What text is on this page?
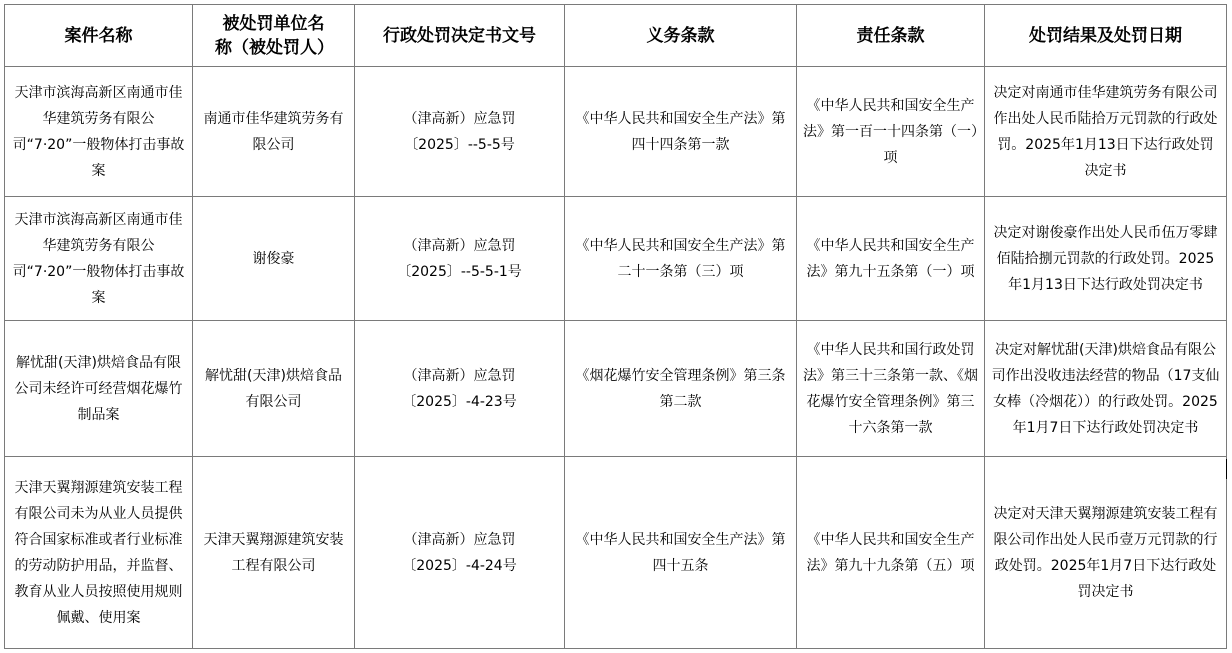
案件名称	被处罚单位名称（被处罚人）	行政处罚决定书文号	义务条款	责任条款	处罚结果及处罚日期
天津市滨海高新区南通市佳华建筑劳务有限公司“7·20”一般物体打击事故案	南通市佳华建筑劳务有限公司	（津高新）应急罚〔2025〕--5-5号	《中华人民共和国安全生产法》第四十四条第一款	《中华人民共和国安全生产法》第一百一十四条第（一）项	决定对南通市佳华建筑劳务有限公司作出处人民币陆拾万元罚款的行政处罚。2025年1月13日下达行政处罚决定书
天津市滨海高新区南通市佳华建筑劳务有限公司“7·20”一般物体打击事故案	谢俊豪	（津高新）应急罚〔2025〕--5-5-1号	《中华人民共和国安全生产法》第二十一条第（三）项	《中华人民共和国安全生产法》第九十五条第（一）项	决定对谢俊豪作出处人民币伍万零肆佰陆拾捌元罚款的行政处罚。2025年1月13日下达行政处罚决定书
解忧甜(天津)烘焙食品有限公司未经许可经营烟花爆竹制品案	解忧甜(天津)烘焙食品有限公司	（津高新）应急罚〔2025〕-4-23号	《烟花爆竹安全管理条例》第三条第二款	《中华人民共和国行政处罚法》第三十三条第一款、《烟花爆竹安全管理条例》第三十六条第一款	决定对解忧甜(天津)烘焙食品有限公司作出没收违法经营的物品（17支仙女棒（冷烟花））的行政处罚。2025年1月7日下达行政处罚决定书
天津天翼翔源建筑安装工程有限公司未为从业人员提供符合国家标准或者行业标准的劳动防护用品，并监督、教育从业人员按照使用规则佩戴、使用案	天津天翼翔源建筑安装工程有限公司	（津高新）应急罚〔2025〕-4-24号	《中华人民共和国安全生产法》第四十五条	《中华人民共和国安全生产法》第九十九条第（五）项	决定对天津天翼翔源建筑安装工程有限公司作出处人民币壹万元罚款的行政处罚。2025年1月7日下达行政处罚决定书
